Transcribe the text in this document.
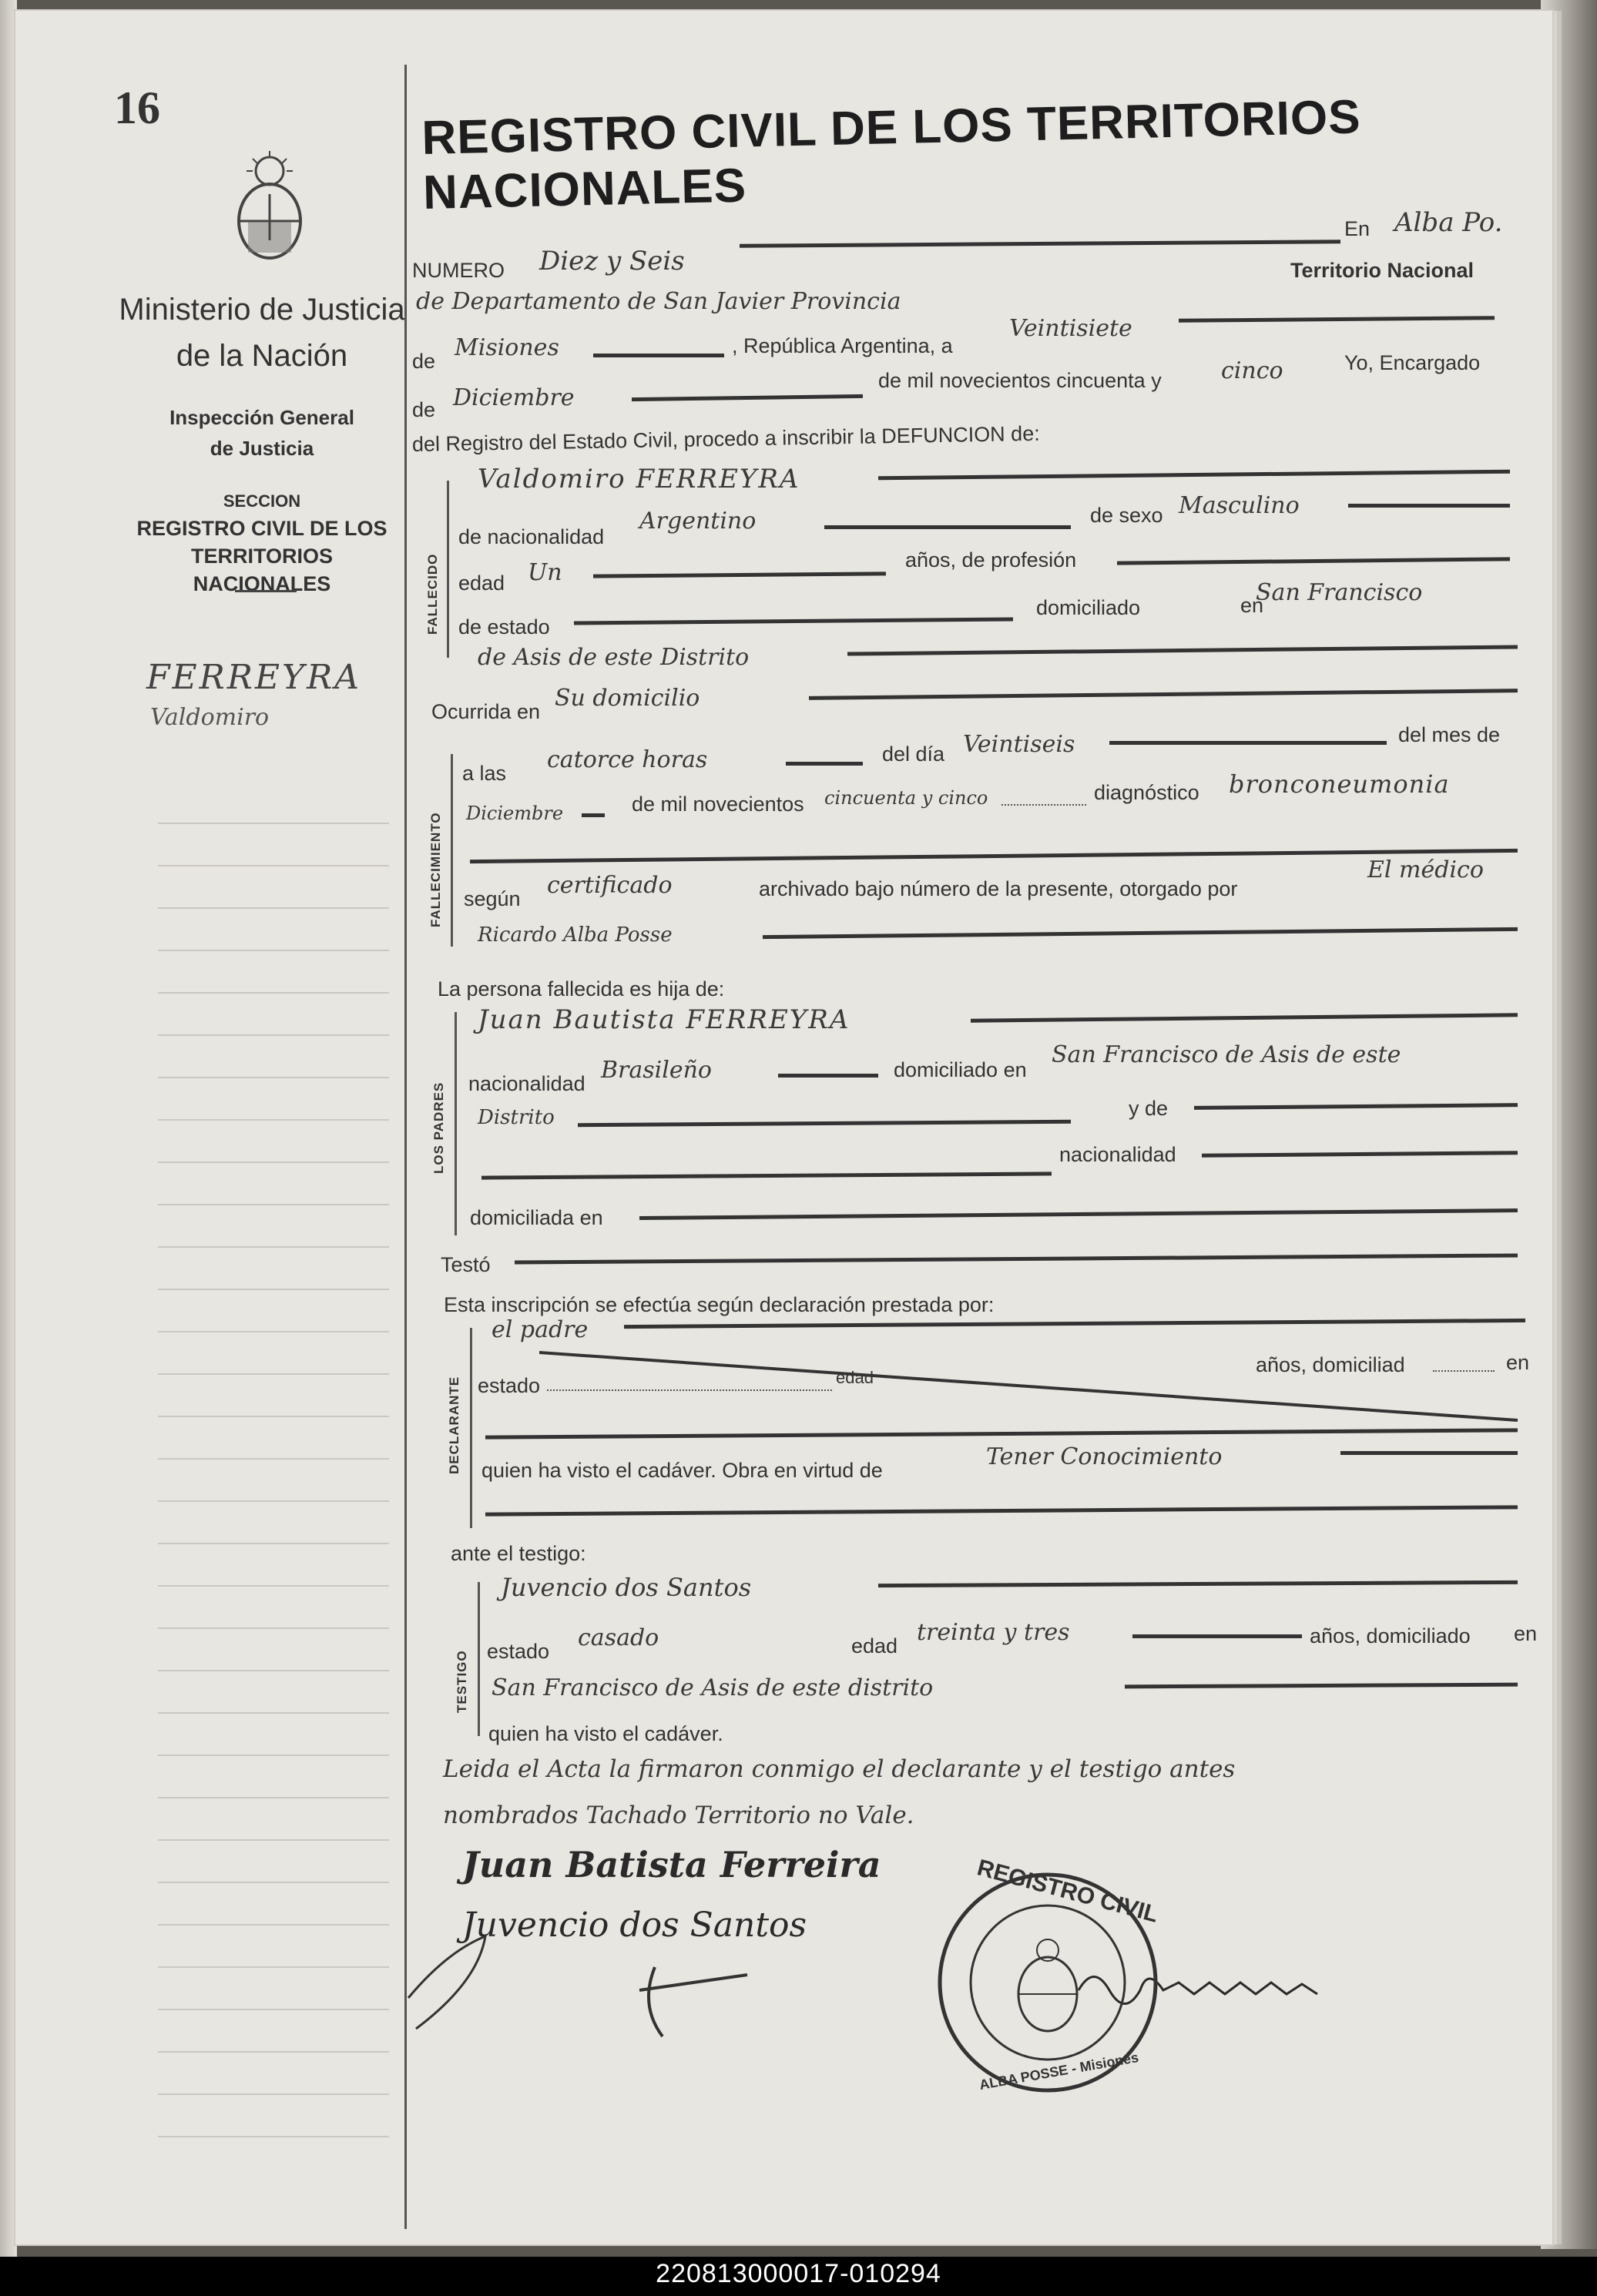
16
Ministerio de Justicia
de la Nación
Inspección General
de Justicia
SECCION
REGISTRO CIVIL DE LOS
TERRITORIOS NACIONALES
FERREYRA
Valdomiro
REGISTRO CIVIL DE LOS TERRITORIOS NACIONALES
NUMERO Diez y Seis
En Alba Po.
de Departamento de San Javier Provincia
Territorio Nacional
de Misiones	, República Argentina, a
Veintisiete
de Diciembre
de mil novecientos cincuenta y	cinco	Yo, Encargado
del Registro del Estado Civil, procedo a inscribir la DEFUNCION de:
FALLECIDO
Valdomiro FERREYRA
de nacionalidad
Argentino	de sexo Masculino
edad Un	años, de profesión
de estado
domiciliado	en
San Francisco
de Asis de este Distrito
Ocurrida en Su domicilio
FALLECIMIENTO
a las catorce horas	del día Veintiseis	del mes de
Diciembre	de mil novecientos cincuenta y cinco	diagnóstico bronconeumonia
según certificado	archivado bajo número de la presente, otorgado por
El médico
Ricardo Alba Posse
La persona fallecida es hija de:
LOS PADRES
Juan Bautista FERREYRA
nacionalidad Brasileño	domiciliado en
San Francisco de Asis de este
Distrito	y de
nacionalidad
domiciliada en
Testó
Esta inscripción se efectúa según declaración prestada por:
DECLARANTE
el padre
estado	edad
años, domiciliad	en
quien ha visto el cadáver. Obra en virtud de	Tener Conocimiento
ante el testigo:
TESTIGO
Juvencio dos Santos
estado casado	edad treinta y tres	años, domiciliado en
San Francisco de Asis de este distrito
quien ha visto el cadáver.
Leida el Acta la firmaron conmigo el declarante y el testigo antes
nombrados Tachado Territorio no Vale.
Juan Batista Ferreira
Juvencio dos Santos	REGISTRO CIVIL
ALBA POSSE - Misiones
220813000017-010294
